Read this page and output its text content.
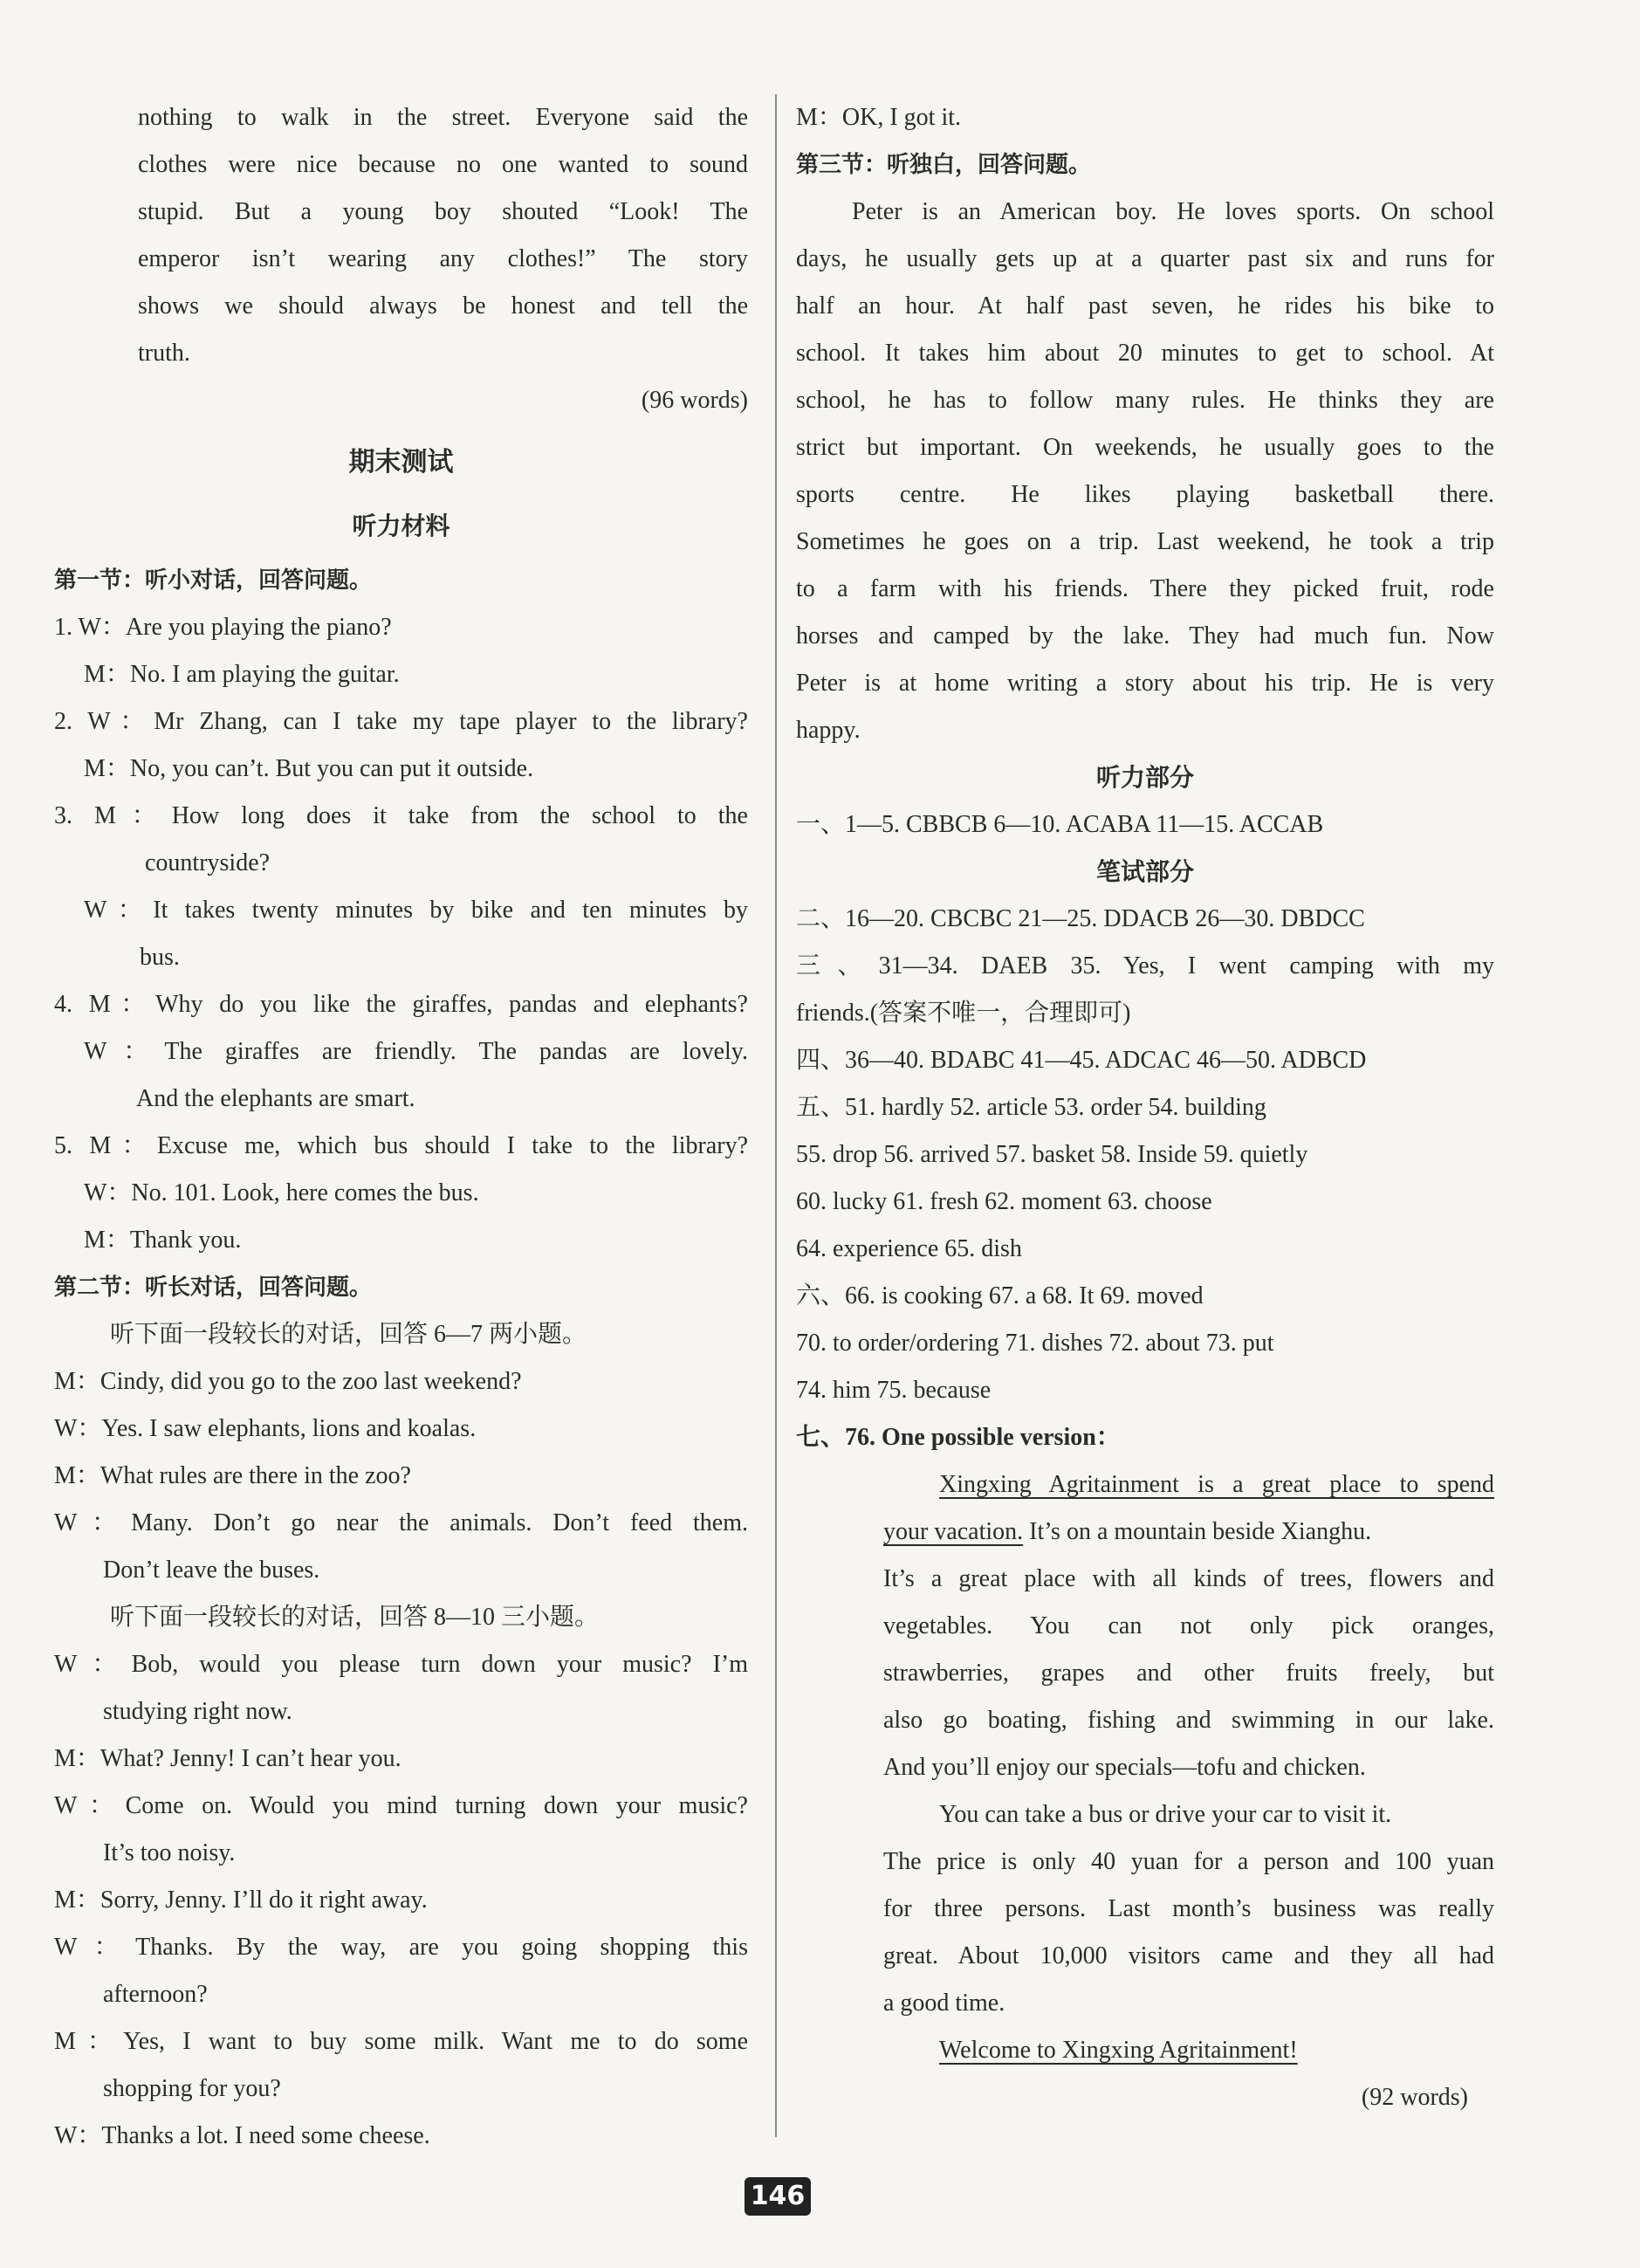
nothing to walk in the street. Everyone said the
clothes were nice because no one wanted to sound
stupid. But a young boy shouted “Look! The
emperor isn’t wearing any clothes!” The story
shows we should always be honest and tell the
truth.
(96 words)
期末测试
听力材料
第一节：听小对话，回答问题。
1. W：Are you playing the piano?
M：No. I am playing the guitar.
2. W：Mr Zhang, can I take my tape player to the library?
M：No, you can’t. But you can put it outside.
3. M：How long does it take from the school to the
countryside?
W：It takes twenty minutes by bike and ten minutes by
bus.
4. M：Why do you like the giraffes, pandas and elephants?
W：The giraffes are friendly. The pandas are lovely.
And the elephants are smart.
5. M：Excuse me, which bus should I take to the library?
W：No. 101. Look, here comes the bus.
M：Thank you.
第二节：听长对话，回答问题。
听下面一段较长的对话，回答 6—7 两小题。
M：Cindy, did you go to the zoo last weekend?
W：Yes. I saw elephants, lions and koalas.
M：What rules are there in the zoo?
W：Many. Don’t go near the animals. Don’t feed them.
Don’t leave the buses.
听下面一段较长的对话，回答 8—10 三小题。
W：Bob, would you please turn down your music? I’m
studying right now.
M：What? Jenny! I can’t hear you.
W：Come on. Would you mind turning down your music?
It’s too noisy.
M：Sorry, Jenny. I’ll do it right away.
W：Thanks. By the way, are you going shopping this
afternoon?
M：Yes, I want to buy some milk. Want me to do some
shopping for you?
W：Thanks a lot. I need some cheese.
M：OK, I got it.
第三节：听独白，回答问题。
Peter is an American boy. He loves sports. On school
days, he usually gets up at a quarter past six and runs for
half an hour. At half past seven, he rides his bike to
school. It takes him about 20 minutes to get to school. At
school, he has to follow many rules. He thinks they are
strict but important. On weekends, he usually goes to the
sports centre. He likes playing basketball there.
Sometimes he goes on a trip. Last weekend, he took a trip
to a farm with his friends. There they picked fruit, rode
horses and camped by the lake. They had much fun. Now
Peter is at home writing a story about his trip. He is very
happy.
听力部分
一、1—5. CBBCB 6—10. ACABA 11—15. ACCAB
笔试部分
二、16—20. CBCBC 21—25. DDACB 26—30. DBDCC
三、31—34. DAEB 35. Yes, I went camping with my
friends.(答案不唯一，合理即可)
四、36—40. BDABC 41—45. ADCAC 46—50. ADBCD
五、51. hardly 52. article 53. order 54. building
55. drop 56. arrived 57. basket 58. Inside 59. quietly
60. lucky 61. fresh 62. moment 63. choose
64. experience 65. dish
六、66. is cooking 67. a 68. It 69. moved
70. to order/ordering 71. dishes 72. about 73. put
74. him 75. because
七、76. One possible version：
Xingxing Agritainment is a great place to spend
your vacation. It’s on a mountain beside Xianghu.
It’s a great place with all kinds of trees, flowers and
vegetables. You can not only pick oranges,
strawberries, grapes and other fruits freely, but
also go boating, fishing and swimming in our lake.
And you’ll enjoy our specials—tofu and chicken.
You can take a bus or drive your car to visit it.
The price is only 40 yuan for a person and 100 yuan
for three persons. Last month’s business was really
great. About 10,000 visitors came and they all had
a good time.
Welcome to Xingxing Agritainment!
(92 words)
146
